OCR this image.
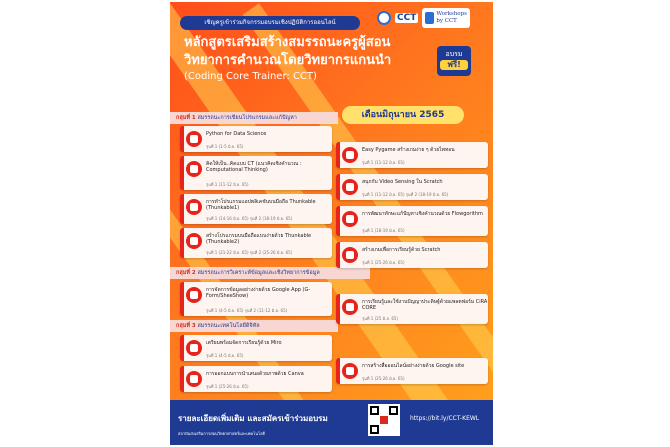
เชิญครูเข้าร่วมกิจกรรมอบรมเชิงปฏิบัติการออนไลน์	CCT	Workshops
by CCT
หลักสูตรเสริมสร้างสมรรถนะครูผู้สอน
วิทยาการคำนวณโดยวิทยากรแกนนำ
(Coding Core Trainer: CCT)
อบรม
ฟรี!
เดือนมิถุนายน 2565
กลุ่มที่ 1 สมรรถนะการเขียนโปรแกรมและแก้ปัญหา
กลุ่มที่ 2 สมรรถนะการวิเคราะห์ข้อมูลและเชิงวิทยาการข้อมูล
กลุ่มที่ 3 สมรรถนะเทคโนโลยีดิจิทัล
Python for Data Science
รุ่นที่ 1 (1-5 มิ.ย. 65)
คิดให้เป็น..คิดแบบ CT (แนวคิดเชิงคำนวณ : Computational Thinking)
รุ่นที่ 1 (11-12 มิ.ย. 65)
การทำโปรแกรมแอปพลิเคชันบนมือถือ Thunkable (Thunkable1)
รุ่นที่ 1 (14-16 มิ.ย. 65) รุ่นที่ 2 (18-19 มิ.ย. 65)
สร้างโปรแกรมบนมือถือแบบง่ายด้วย Thunkable (Thunkable2)
รุ่นที่ 1 (21-22 มิ.ย. 65) รุ่นที่ 2 (25-26 มิ.ย. 65)
การจัดการข้อมูลอย่างง่ายด้วย Google App (G-Form/SheeShow)
รุ่นที่ 1 (4-5 มิ.ย. 65) รุ่นที่ 2 (11-12 มิ.ย. 65)
เตรียมพร้อมจัดการเรียนรู้ด้วย Miro
รุ่นที่ 1 (4-5 มิ.ย. 65)
การออกแบบการนำเสนอด้วยภาพด้วย Canva
รุ่นที่ 1 (25-26 มิ.ย. 65)
Easy Pygame สร้างเกมง่าย ๆ ด้วยไพทอน
รุ่นที่ 1 (11-12 มิ.ย. 65)
สนุกกับ Video Sensing ใน Scratch
รุ่นที่ 1 (11-12 มิ.ย. 65) รุ่นที่ 2 (18-19 มิ.ย. 65)
การพัฒนาทักษะแก้ปัญหาเชิงคำนวณด้วย Flowgorithm
รุ่นที่ 1 (18-19 มิ.ย. 65)
สร้างเกมเพื่อการเรียนรู้ด้วย Scratch
รุ่นที่ 1 (25-26 มิ.ย. 65)
การเรียนรู้และใช้งานปัญญาประดิษฐ์ด้วยแพลตฟอร์ม CiRA CORE
รุ่นที่ 1 (25 มิ.ย. 65)
การสร้างสื่อออนไลน์อย่างง่ายด้วย Google site
รุ่นที่ 1 (25-26 มิ.ย. 65)
รายละเอียดเพิ่มเติม และสมัครเข้าร่วมอบรม	https://bit.ly/CCT-KEWL
สถาบันส่งเสริมการสอนวิทยาศาสตร์และเทคโนโลยี
